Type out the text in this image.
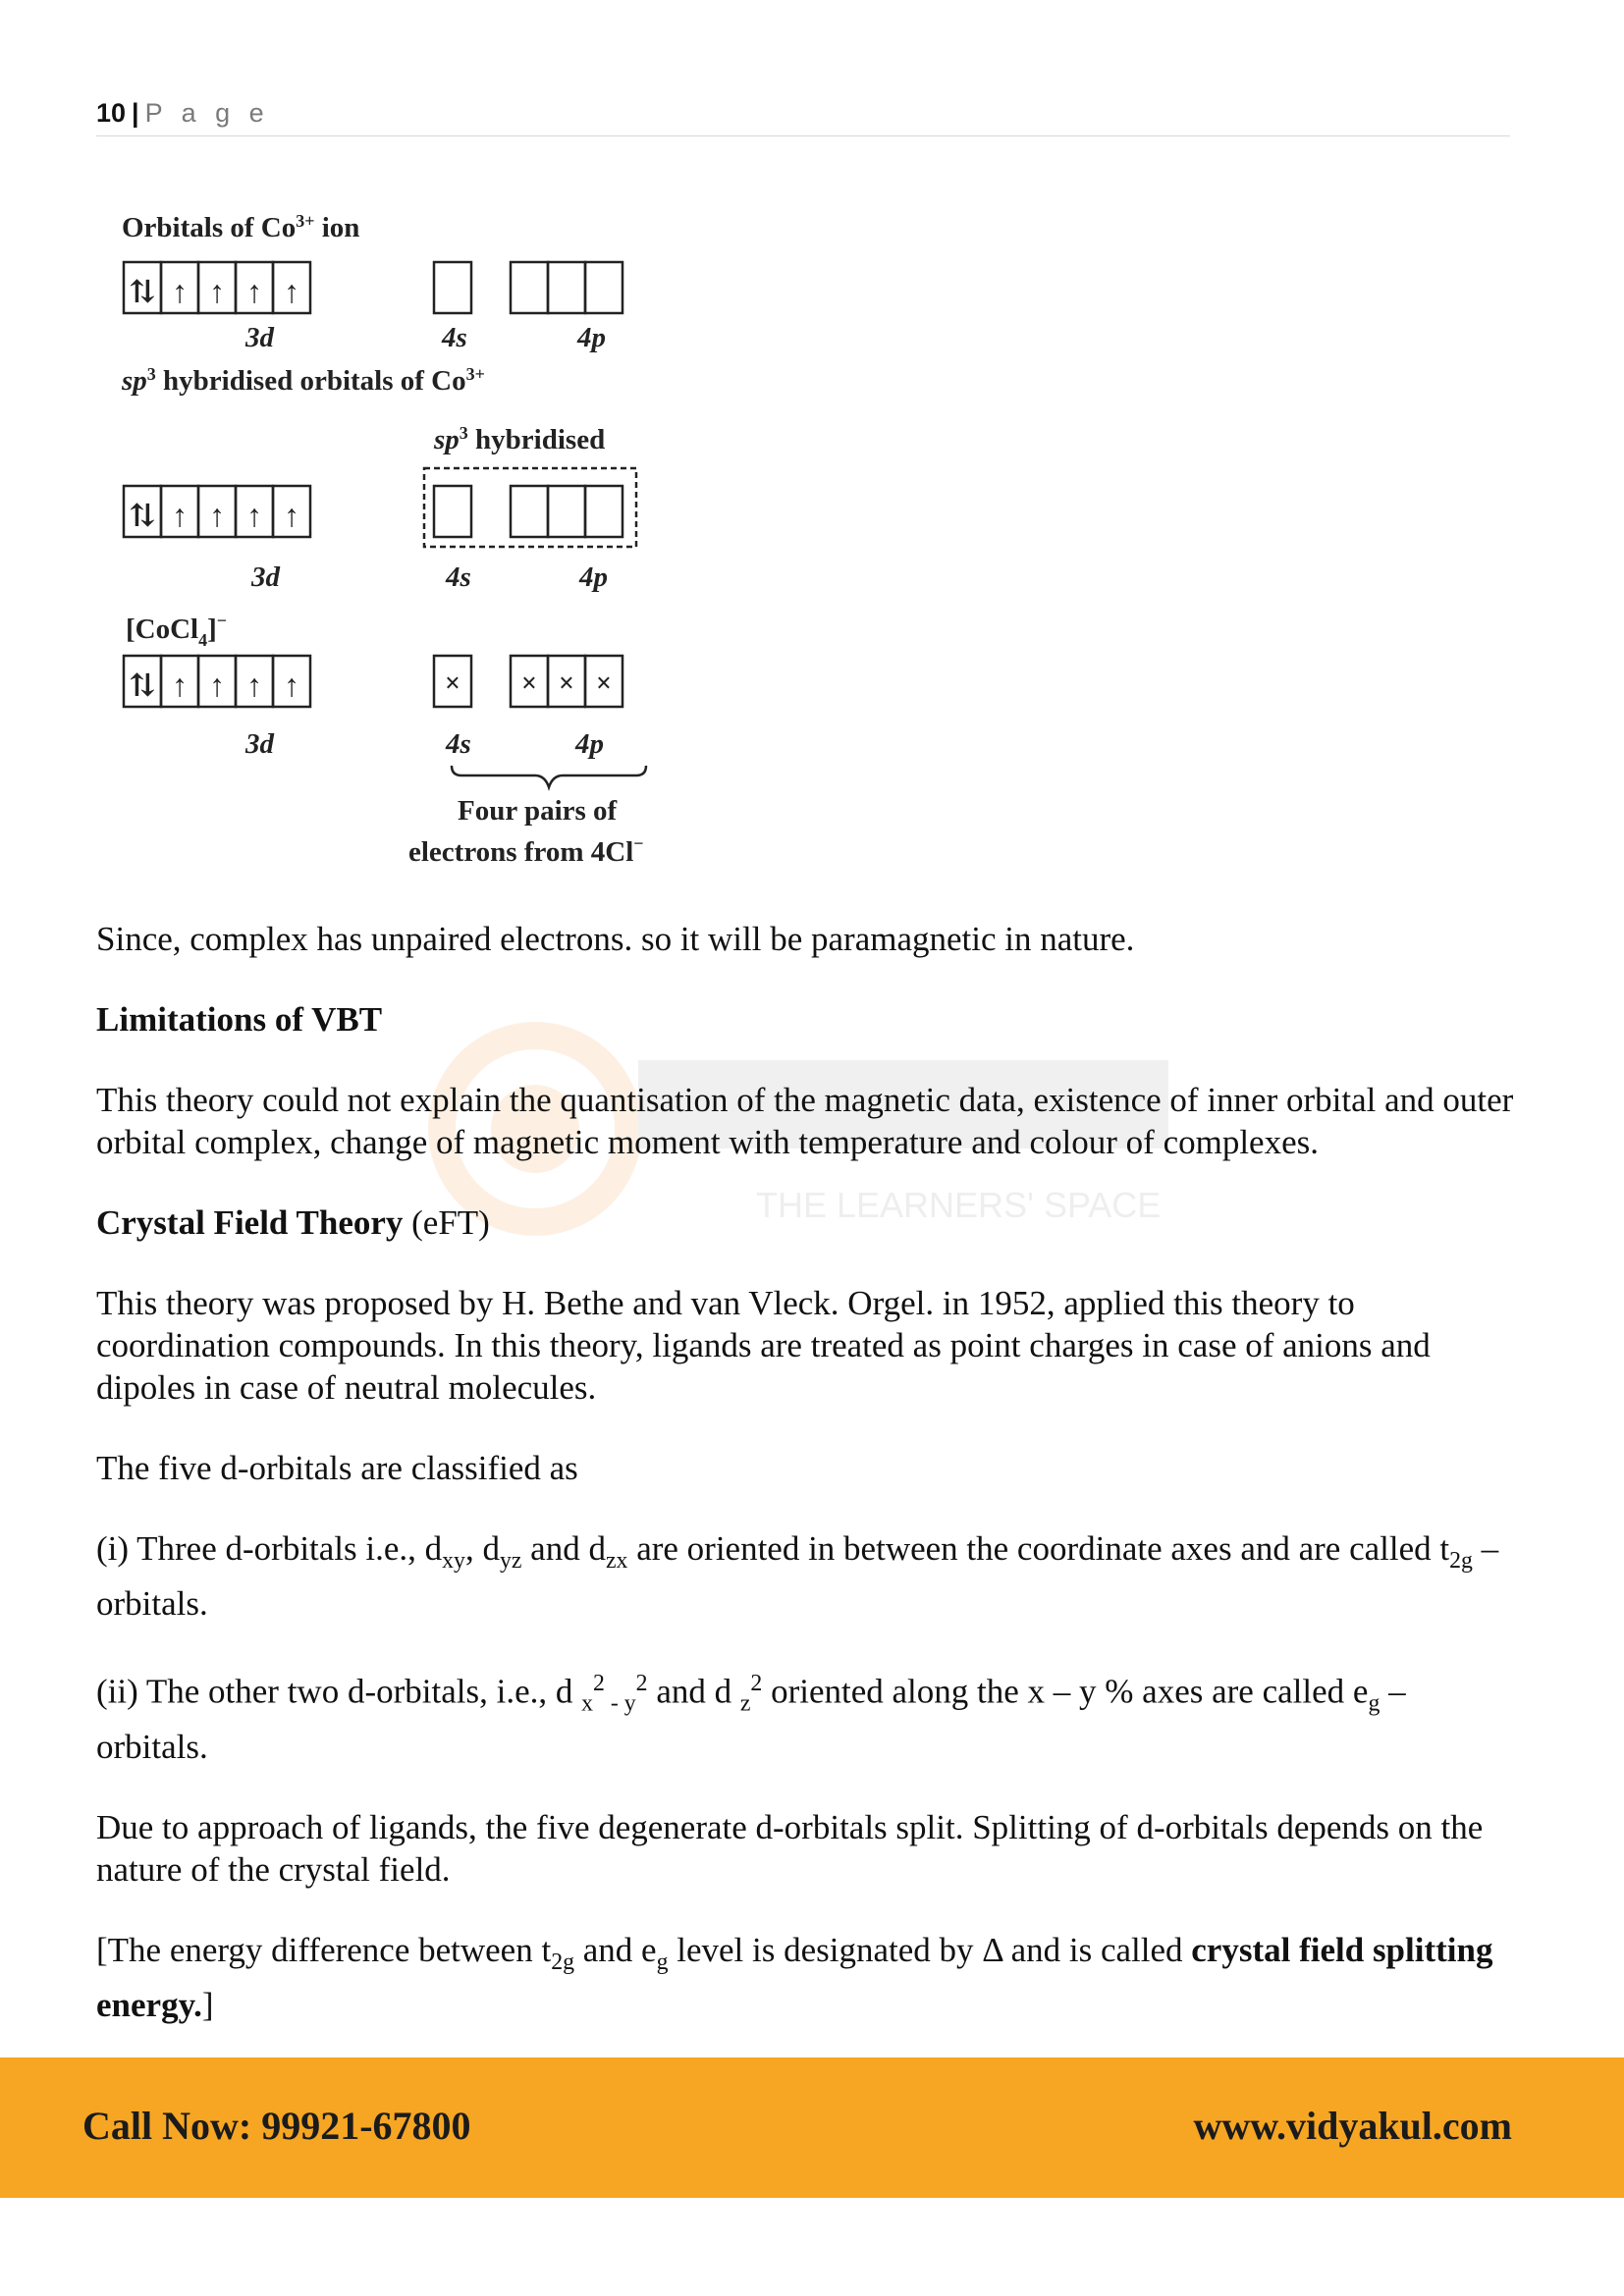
10 | P a g e
THE LEARNERS' SPACE
⇅ ↑ ↑ ↑ ↑
⇅ ↑ ↑ ↑ ↑
⇅ ↑ ↑ ↑ ↑	× × × ×
Orbitals of $Co^{3+}$ ion
$sp^3$ hybridised orbitals of $Co^{3+}$
$sp^3$ hybridised
[CoCl$_4$]−
3d	4s	4p
3d	4s	4p
3d	4s	4p
Four pairs of
electrons from 4Cl−

Since, complex has unpaired electrons. so it will be paramagnetic in nature.

Limitations of VBT

This theory could not explain the quantisation of the magnetic data, existence of inner orbital and outer orbital complex, change of magnetic moment with temperature and colour of complexes.

Crystal Field Theory (eFT)

This theory was proposed by H. Bethe and van Vleck. Orgel. in 1952, applied this theory to coordination compounds. In this theory, ligands are treated as point charges in case of anions and dipoles in case of neutral molecules.

The five d-orbitals are classified as

(i) Three d-orbitals i.e., $d_{xy}$, $d_{yz}$ and $d_{zx}$ are oriented in between the coordinate axes and are called $t_{2g}$ – orbitals.

(ii) The other two d-orbitals, i.e., d $_x^2$ $_{- y}^2$ and d $_z^2$ oriented along the x – y % axes are called $e_g$ – orbitals.

Due to approach of ligands, the five degenerate d-orbitals split. Splitting of d-orbitals depends on the nature of the crystal field.

[The energy difference between $t_{2g}$ and $e_g$ level is designated by Δ and is called crystal field splitting energy.]

Call Now: 99921-67800	www.vidyakul.com
